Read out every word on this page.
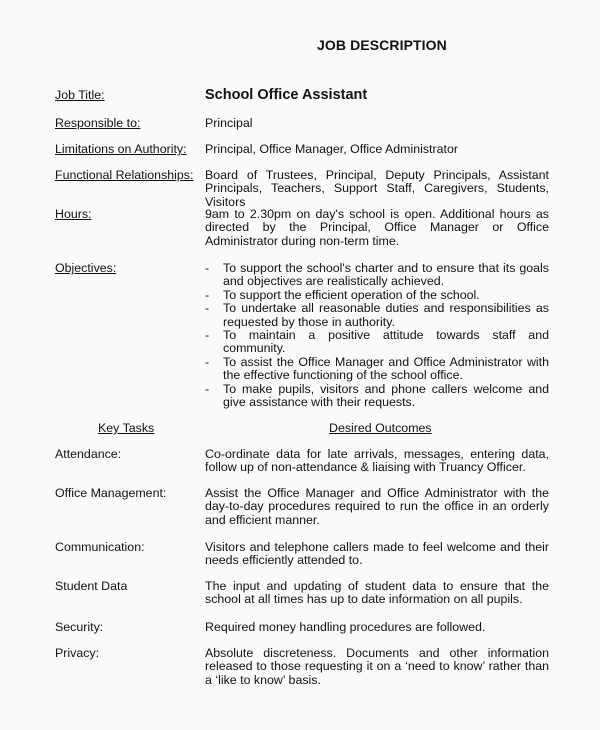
JOB DESCRIPTION
Job Title:	School Office Assistant
Responsible to:	Principal
Limitations on Authority: Principal, Office Manager, Office Administrator
Functional Relationships: Board of Trustees, Principal, Deputy Principals, Assistant Principals, Teachers, Support Staff, Caregivers, Students, Visitors
Hours:	9am to 2.30pm on day's school is open. Additional hours as directed by the Principal, Office Manager or Office Administrator during non-term time.
Objectives:	- To support the school's charter and to ensure that its goals and objectives are realistically achieved.
- To support the efficient operation of the school.
- To undertake all reasonable duties and responsibilities as requested by those in authority.
- To maintain a positive attitude towards staff and community.
- To assist the Office Manager and Office Administrator with the effective functioning of the school office.
- To make pupils, visitors and phone callers welcome and give assistance with their requests.
Key Tasks	Desired Outcomes
Attendance:	Co-ordinate data for late arrivals, messages, entering data, follow up of non-attendance & liaising with Truancy Officer.
Office Management:	Assist the Office Manager and Office Administrator with the day-to-day procedures required to run the office in an orderly and efficient manner.
Communication:	Visitors and telephone callers made to feel welcome and their needs efficiently attended to.
Student Data	The input and updating of student data to ensure that the school at all times has up to date information on all pupils.
Security:	Required money handling procedures are followed.
Privacy:	Absolute discreteness. Documents and other information released to those requesting it on a ‘need to know’ rather than a ‘like to know’ basis.
